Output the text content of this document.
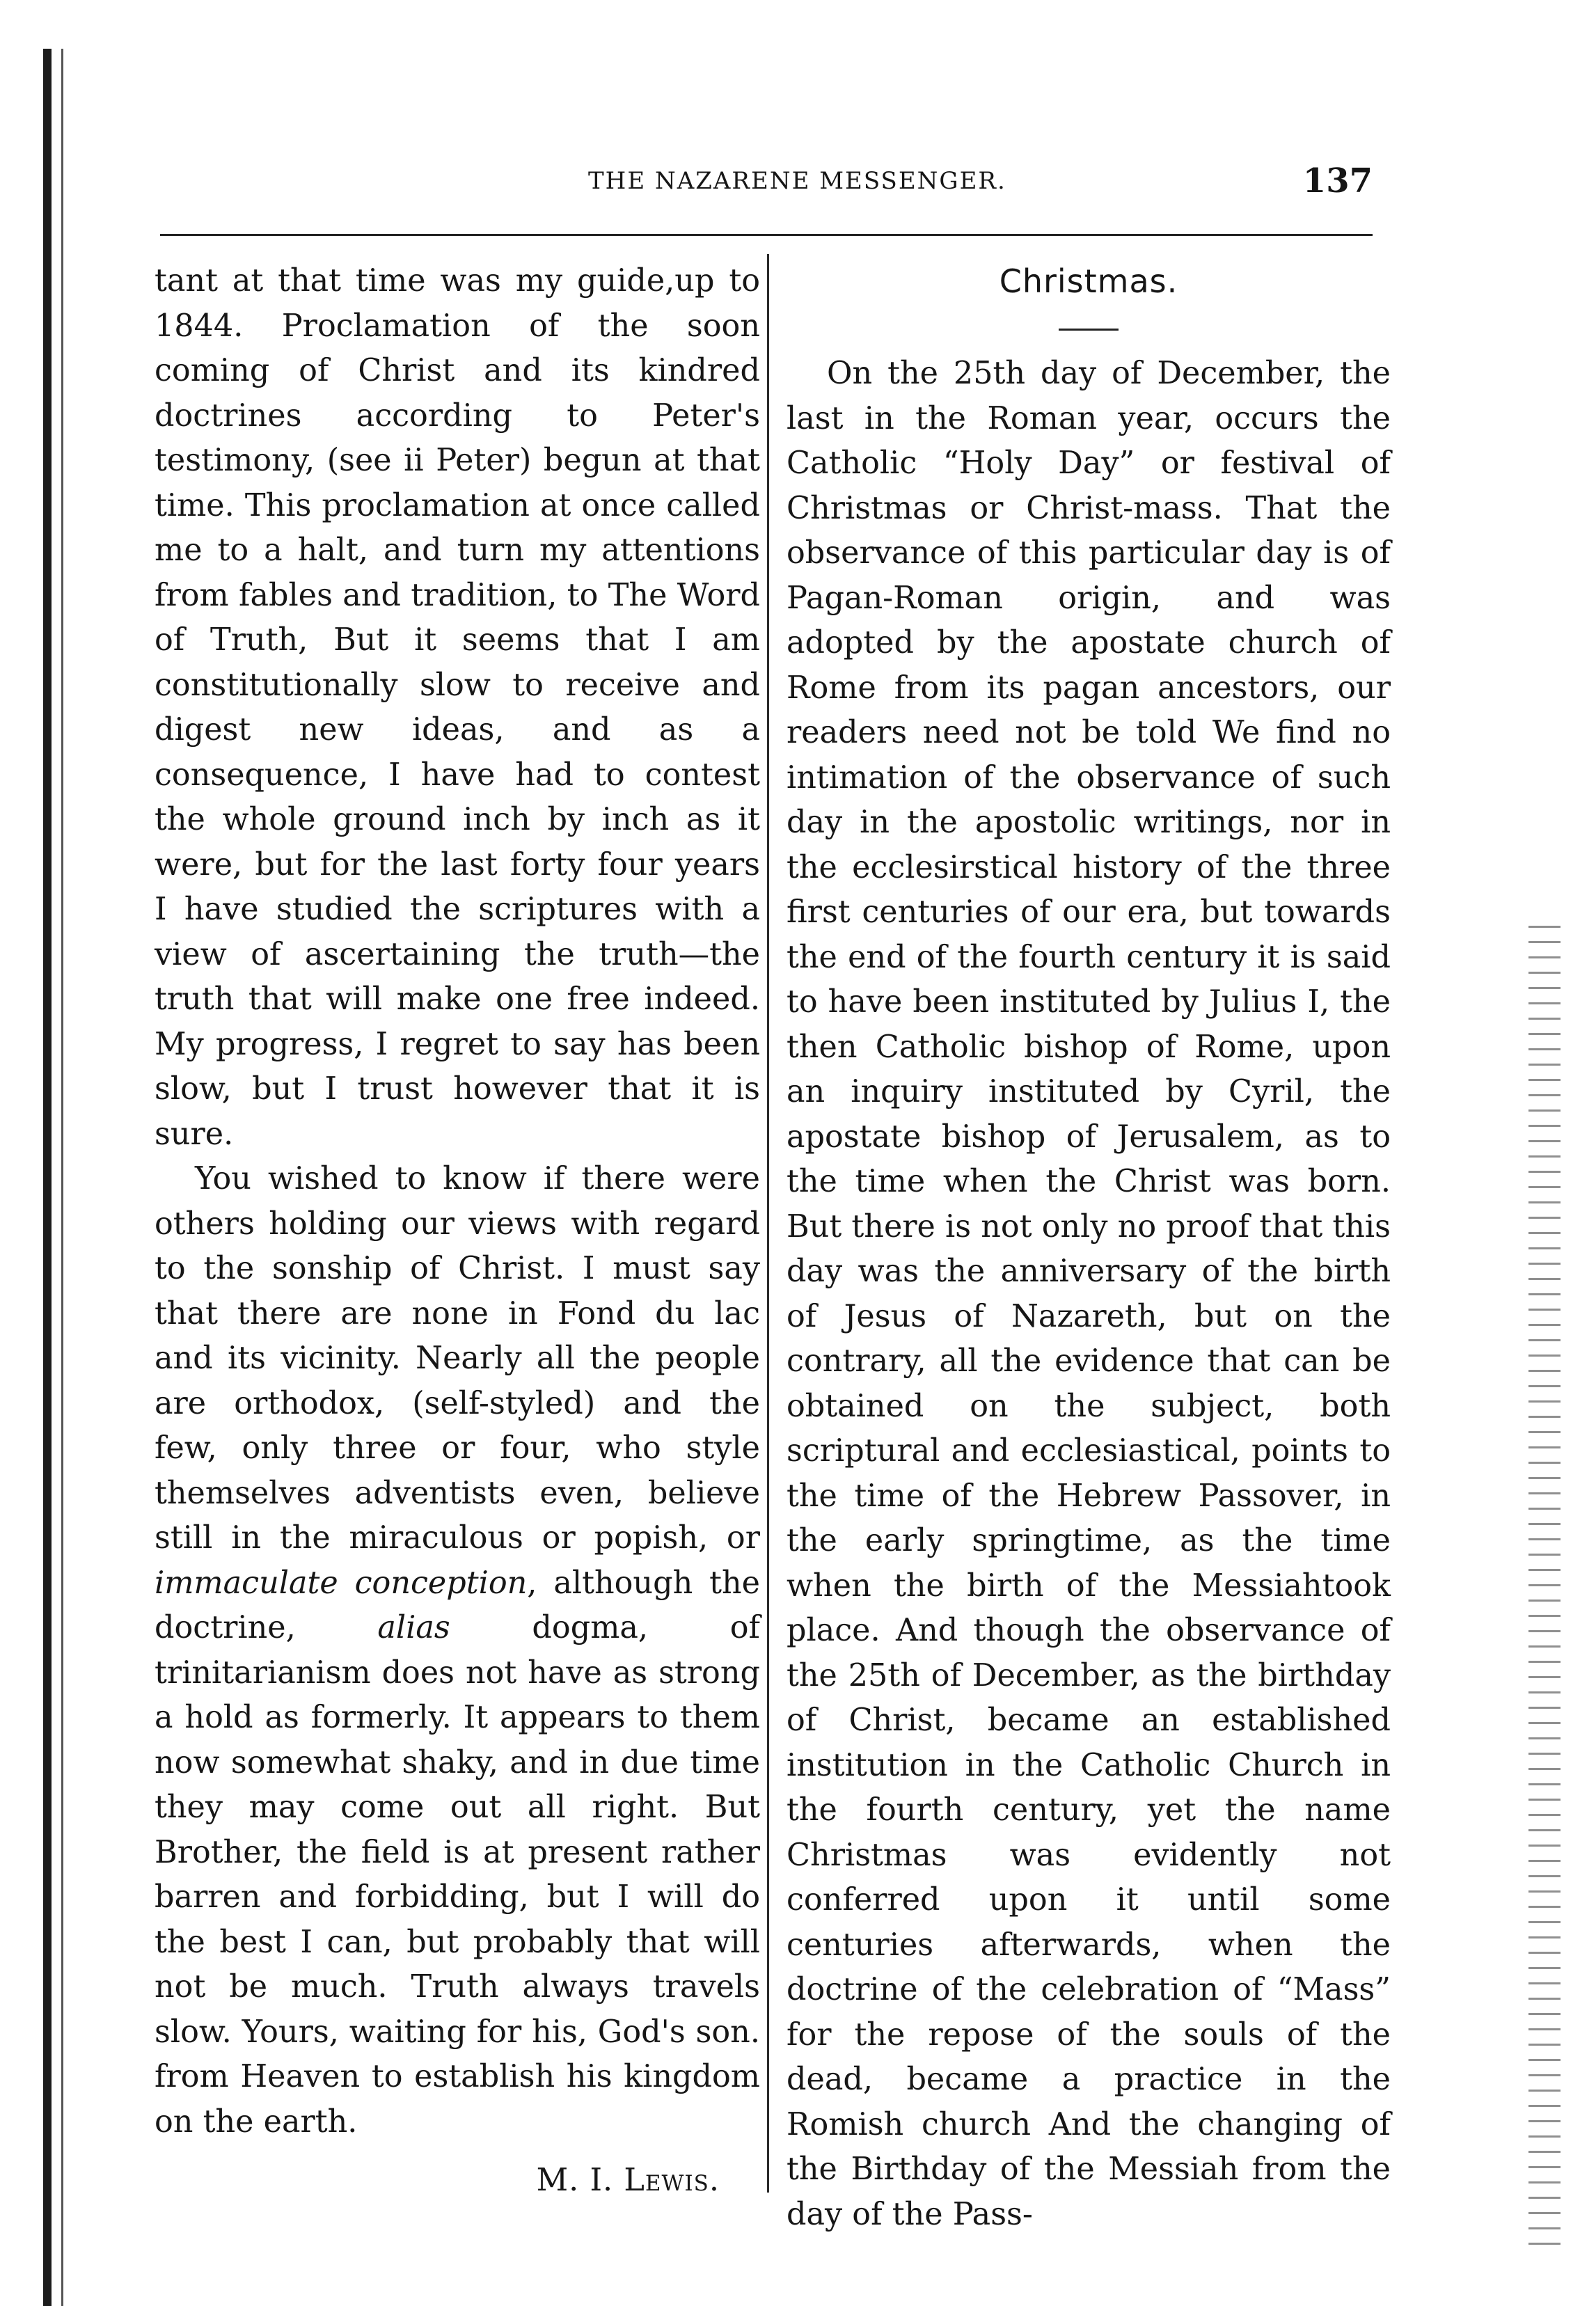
THE NAZARENE MESSENGER.	137

tant at that time was my guide,up to 1844. Proclamation of the soon coming of Christ and its kindred doctrines according to Peter's testimony, (see ii Peter) begun at that time. This proclamation at once called me to a halt, and turn my attentions from fables and tradition, to The Word of Truth, But it seems that I am constitutionally slow to receive and digest new ideas, and as a consequence, I have had to contest the whole ground inch by inch as it were, but for the last forty four years I have studied the scriptures with a view of ascertaining the truth—the truth that will make one free indeed. My progress, I regret to say has been slow, but I trust however that it is sure.

You wished to know if there were others holding our views with regard to the sonship of Christ. I must say that there are none in Fond du lac and its vicinity. Nearly all the people are orthodox, (self-styled) and the few, only three or four, who style themselves adventists even, believe still in the miraculous or popish, or immaculate conception, although the doctrine, alias dogma, of trinitarianism does not have as strong a hold as formerly. It appears to them now somewhat shaky, and in due time they may come out all right. But Brother, the field is at present rather barren and forbidding, but I will do the best I can, but probably that will not be much. Truth always travels slow. Yours, waiting for his, God's son. from Heaven to establish his kingdom on the earth.

M. I. Lewis.

Christmas.

On the 25th day of December, the last in the Roman year, occurs the Catholic “Holy Day” or festival of Christmas or Christ-mass. That the observance of this particular day is of Pagan-Roman origin, and was adopted by the apostate church of Rome from its pagan ancestors, our readers need not be told We find no intimation of the observance of such day in the apostolic writings, nor in the ecclesirstical history of the three first centuries of our era, but towards the end of the fourth century it is said to have been instituted by Julius I, the then Catholic bishop of Rome, upon an inquiry instituted by Cyril, the apostate bishop of Jerusalem, as to the time when the Christ was born. But there is not only no proof that this day was the anniversary of the birth of Jesus of Nazareth, but on the contrary, all the evidence that can be obtained on the subject, both scriptural and ecclesiastical, points to the time of the Hebrew Passover, in the early springtime, as the time when the birth of the Messiahtook place. And though the observance of the 25th of December, as the birthday of Christ, became an established institution in the Catholic Church in the fourth century, yet the name Christmas was evidently not conferred upon it until some centuries afterwards, when the doctrine of the celebration of “Mass” for the repose of the souls of the dead, became a practice in the Romish church And the changing of the Birthday of the Messiah from the day of the Pass-
